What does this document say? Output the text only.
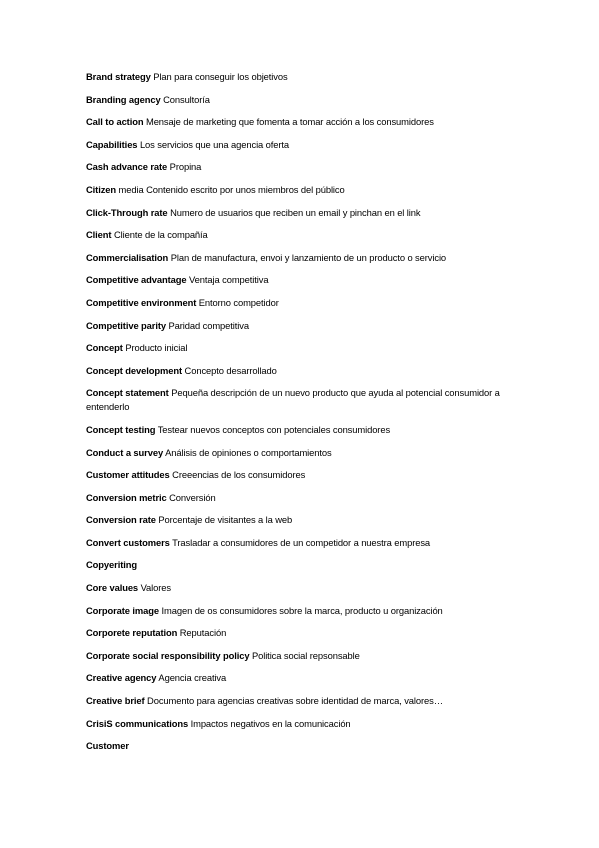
Brand strategy Plan para conseguir los objetivos
Branding agency Consultoría
Call to action Mensaje de marketing que fomenta a tomar acción a los consumidores
Capabilities Los servicios que una agencia oferta
Cash advance rate Propina
Citizen media Contenido escrito por unos miembros del público
Click-Through rate Numero de usuarios que reciben un email y pinchan en el link
Client Cliente de la compañía
Commercialisation Plan de manufactura, envoi y lanzamiento de un producto o servicio
Competitive advantage Ventaja competitiva
Competitive environment Entorno competidor
Competitive parity Paridad competitiva
Concept Producto inicial
Concept development Concepto desarrollado
Concept statement Pequeña descripción de un nuevo producto que ayuda al potencial consumidor a entenderlo
Concept testing Testear nuevos conceptos con potenciales consumidores
Conduct a survey Análisis de opiniones o comportamientos
Customer attitudes Creeencias de los consumidores
Conversion metric Conversión
Conversion rate Porcentaje de visitantes a la web
Convert customers Trasladar a consumidores de un competidor a nuestra empresa
Copyeriting
Core values Valores
Corporate image Imagen de os consumidores sobre la marca, producto u organización
Corporete reputation Reputación
Corporate social responsibility policy Politica social repsonsable
Creative agency Agencia creativa
Creative brief Documento para agencias creativas sobre identidad de marca, valores…
CrisiS communications Impactos negativos en la comunicación
Customer
